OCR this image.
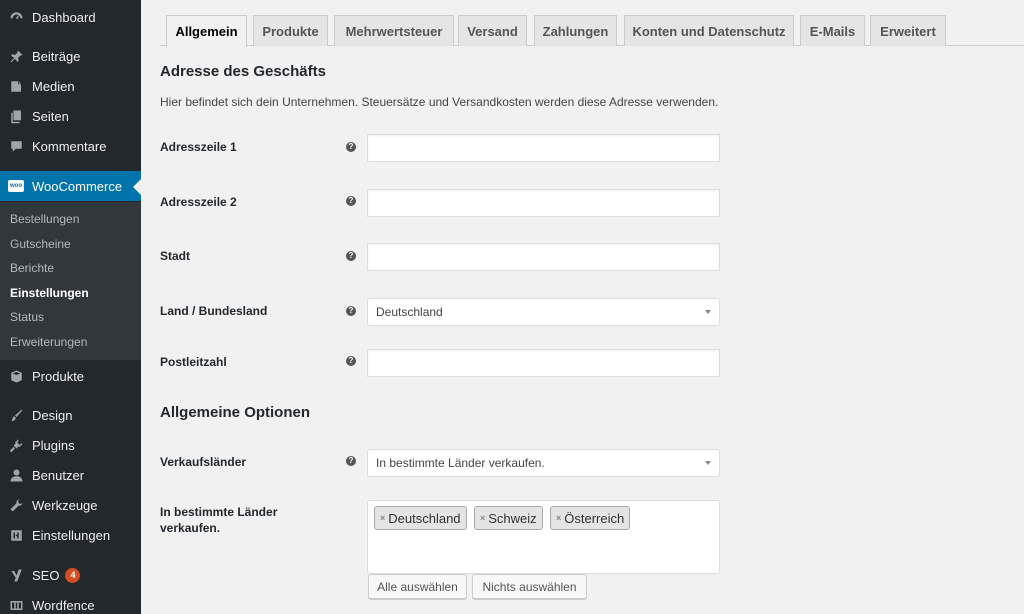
Dashboard
Beiträge
Medien
Seiten
Kommentare
woo WooCommerce
Bestellungen
Gutscheine
Berichte
Einstellungen
Status
Erweiterungen
Produkte
Design
Plugins
Benutzer
Werkzeuge
Einstellungen
SEO	4
Wordfence
Allgemein	Produkte	Mehrwertsteuer	Versand	Zahlungen	Konten und Datenschutz	E-Mails	Erweitert
Adresse des Geschäfts

Hier befindet sich dein Unternehmen. Steuersätze und Versandkosten werden diese Adresse verwenden.

Adresszeile 1	?
Adresszeile 2	?
Stadt	?
Land / Bundesland	? Deutschland
Postleitzahl	?
Allgemeine Optionen
Verkaufsländer	? In bestimmte Länder verkaufen.
In bestimmte Länder verkaufen.
× Deutschland × Schweiz × Österreich
Alle auswählen	Nichts auswählen
